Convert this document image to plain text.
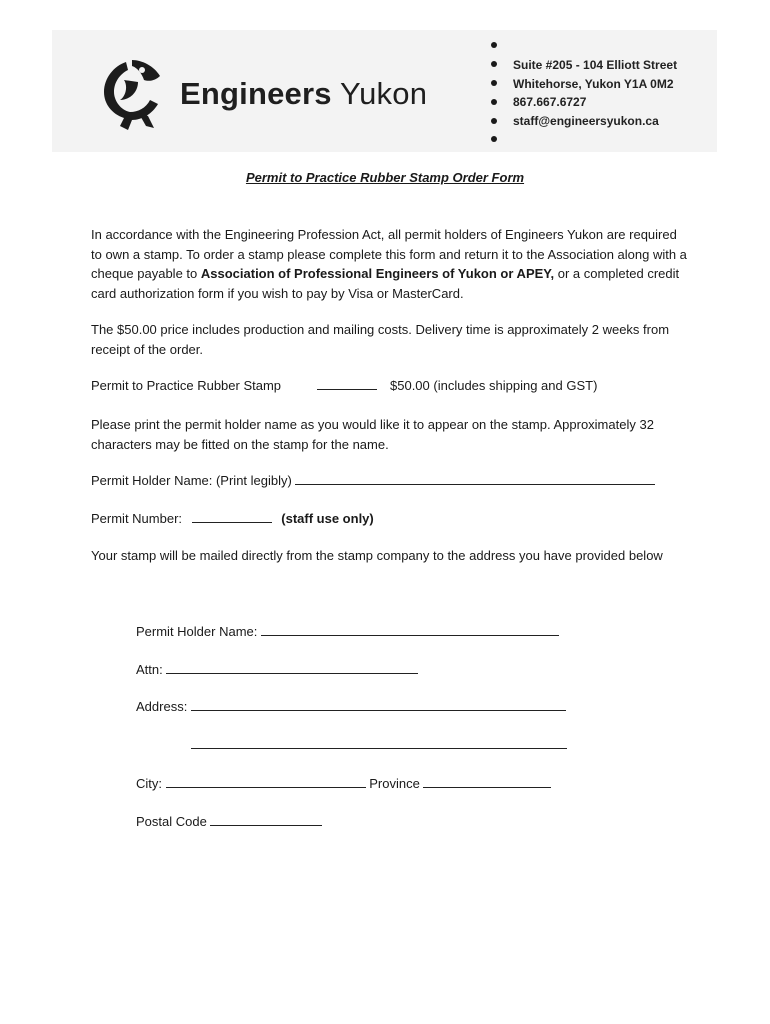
Engineers Yukon
Suite #205 - 104 Elliott Street
Whitehorse, Yukon Y1A 0M2
867.667.6727
staff@engineersyukon.ca
Permit to Practice Rubber Stamp Order Form
In accordance with the Engineering Profession Act, all permit holders of Engineers Yukon are required to own a stamp. To order a stamp please complete this form and return it to the Association along with a cheque payable to Association of Professional Engineers of Yukon or APEY, or a completed credit card authorization form if you wish to pay by Visa or MasterCard.
The $50.00 price includes production and mailing costs. Delivery time is approximately 2 weeks from receipt of the order.
Permit to Practice Rubber Stamp	$50.00 (includes shipping and GST)
Please print the permit holder name as you would like it to appear on the stamp. Approximately 32 characters may be fitted on the stamp for the name.
Permit Holder Name: (Print legibly)
Permit Number:	(staff use only)
Your stamp will be mailed directly from the stamp company to the address you have provided below
Permit Holder Name:
Attn:
Address:
City:	Province
Postal Code
